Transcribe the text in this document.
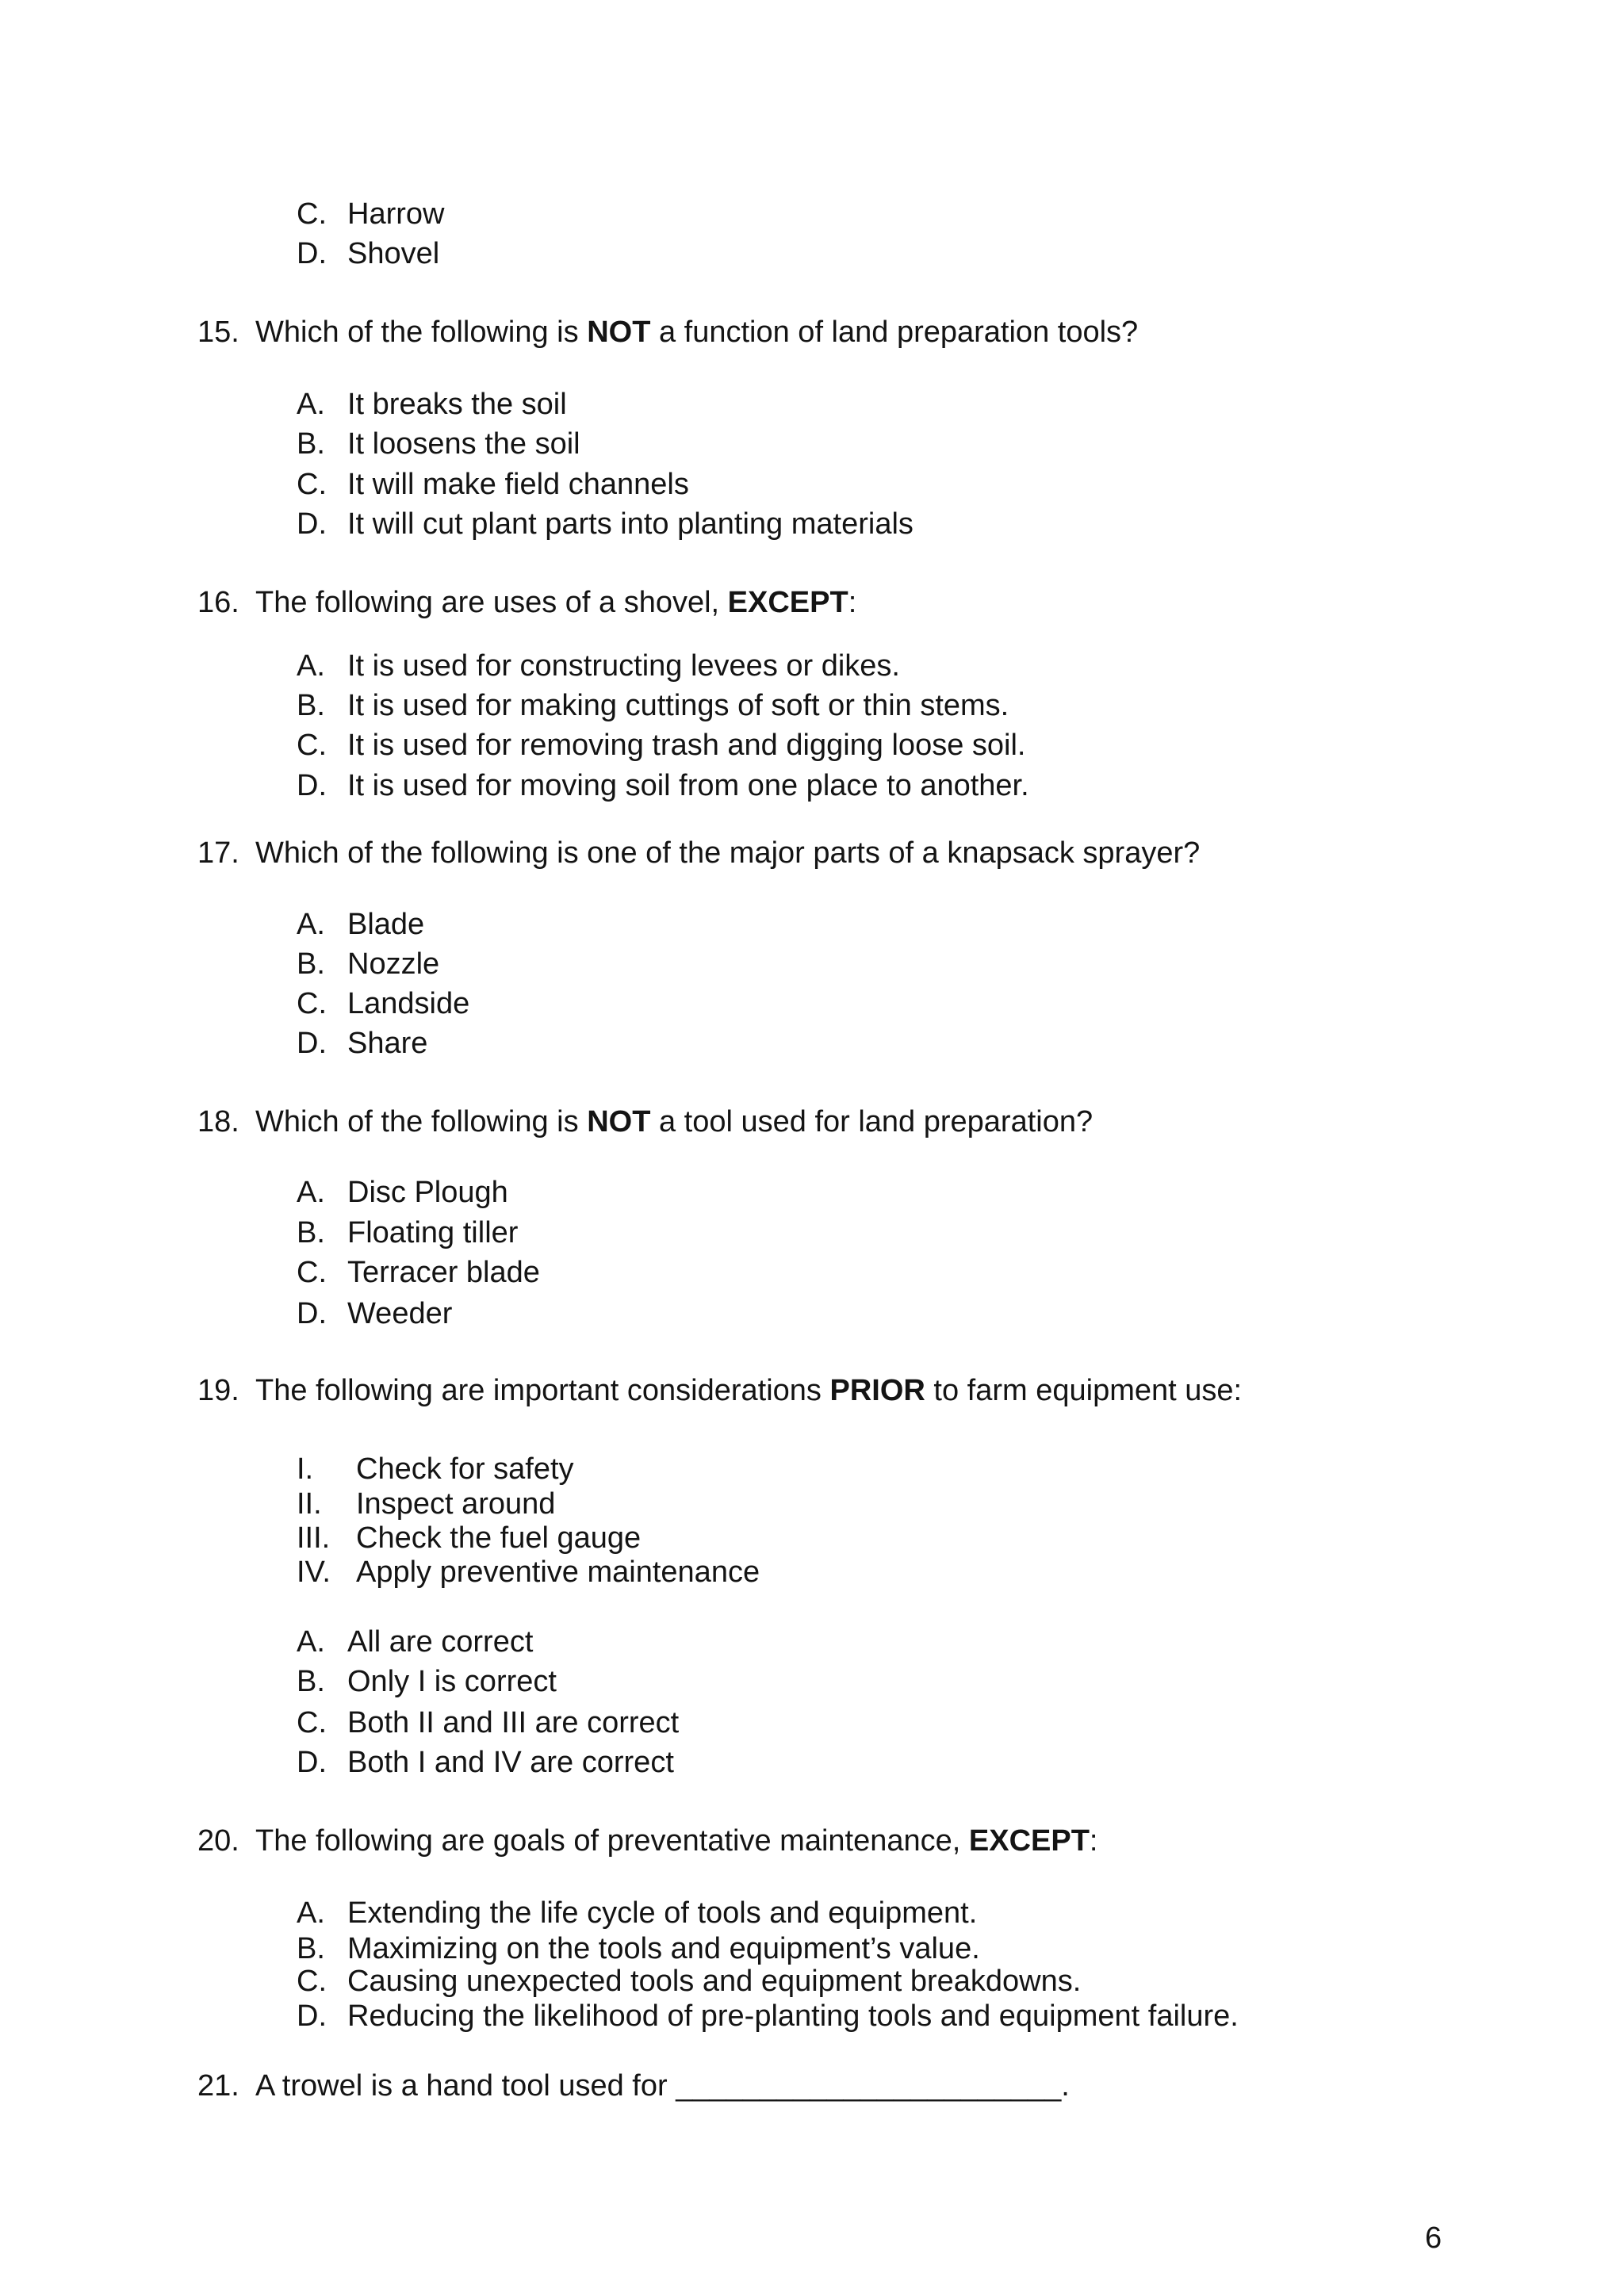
C. Harrow
D. Shovel
15. Which of the following is NOT a function of land preparation tools?
A. It breaks the soil
B. It loosens the soil
C. It will make field channels
D. It will cut plant parts into planting materials
16. The following are uses of a shovel, EXCEPT:
A. It is used for constructing levees or dikes.
B. It is used for making cuttings of soft or thin stems.
C. It is used for removing trash and digging loose soil.
D. It is used for moving soil from one place to another.
17. Which of the following is one of the major parts of a knapsack sprayer?
A. Blade
B. Nozzle
C. Landside
D. Share
18. Which of the following is NOT a tool used for land preparation?
A. Disc Plough
B. Floating tiller
C. Terracer blade
D. Weeder
19. The following are important considerations PRIOR to farm equipment use:
I. Check for safety
II. Inspect around
III. Check the fuel gauge
IV. Apply preventive maintenance
A. All are correct
B. Only I is correct
C. Both II and III are correct
D. Both I and IV are correct
20. The following are goals of preventative maintenance, EXCEPT:
A. Extending the life cycle of tools and equipment.
B. Maximizing on the tools and equipment’s value.
C. Causing unexpected tools and equipment breakdowns.
D. Reducing the likelihood of pre-planting tools and equipment failure.
21. A trowel is a hand tool used for _______________________.
6
